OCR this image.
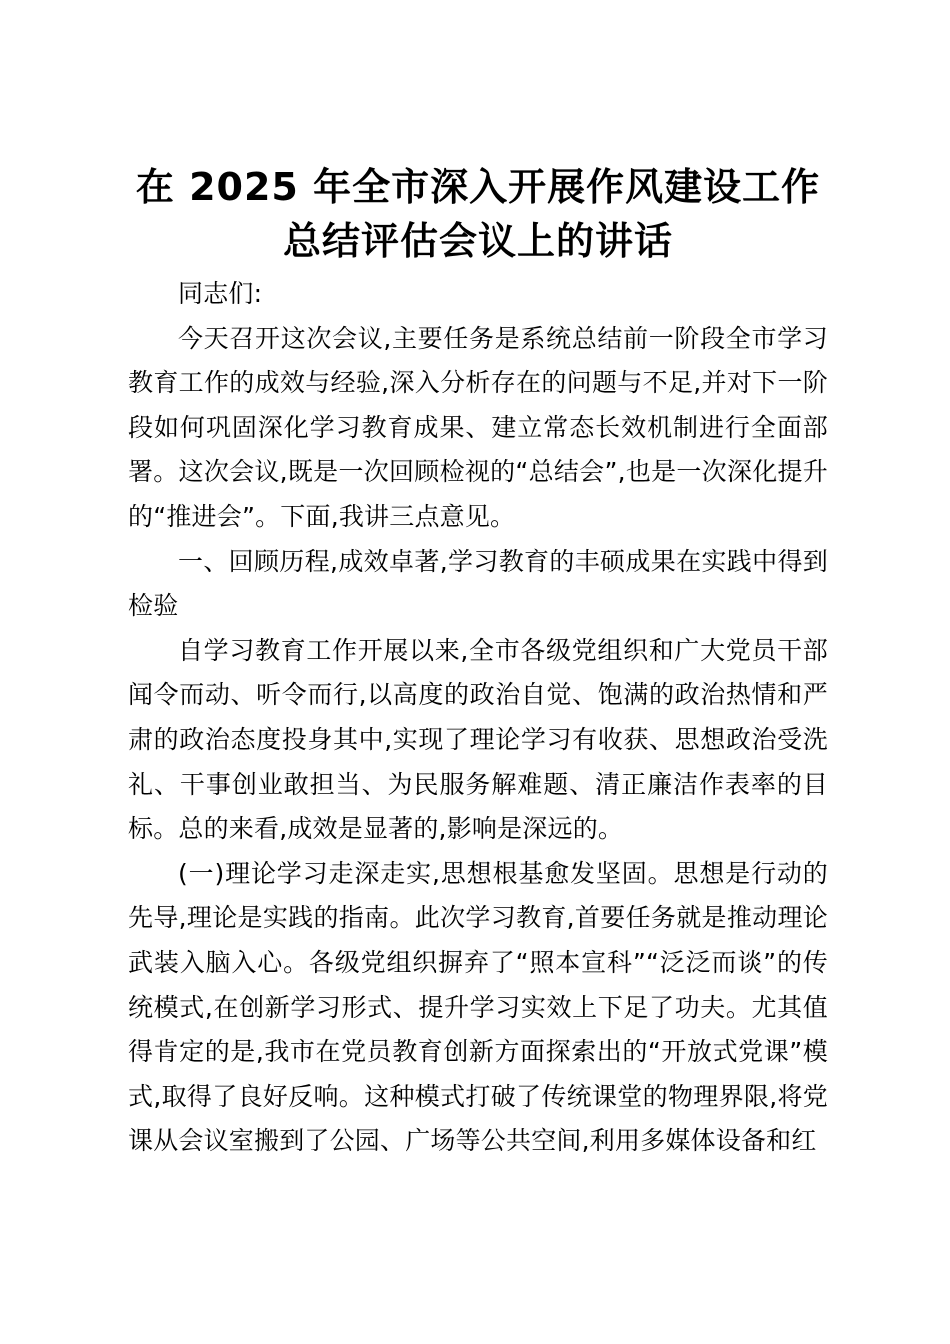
在 2025 年全市深入开展作风建设工作
总结评估会议上的讲话

同志们:

今天召开这次会议,主要任务是系统总结前一阶段全市学习教育工作的成效与经验,深入分析存在的问题与不足,并对下一阶段如何巩固深化学习教育成果、建立常态长效机制进行全面部署。这次会议,既是一次回顾检视的“总结会”,也是一次深化提升的“推进会”。下面,我讲三点意见。

一、回顾历程,成效卓著,学习教育的丰硕成果在实践中得到检验

自学习教育工作开展以来,全市各级党组织和广大党员干部闻令而动、听令而行,以高度的政治自觉、饱满的政治热情和严肃的政治态度投身其中,实现了理论学习有收获、思想政治受洗礼、干事创业敢担当、为民服务解难题、清正廉洁作表率的目标。总的来看,成效是显著的,影响是深远的。

(一)理论学习走深走实,思想根基愈发坚固。思想是行动的先导,理论是实践的指南。此次学习教育,首要任务就是推动理论武装入脑入心。各级党组织摒弃了“照本宣科”“泛泛而谈”的传统模式,在创新学习形式、提升学习实效上下足了功夫。尤其值得肯定的是,我市在党员教育创新方面探索出的“开放式党课”模式,取得了良好反响。这种模式打破了传统课堂的物理界限,将党课从会议室搬到了公园、广场等公共空间,利用多媒体设备和红
